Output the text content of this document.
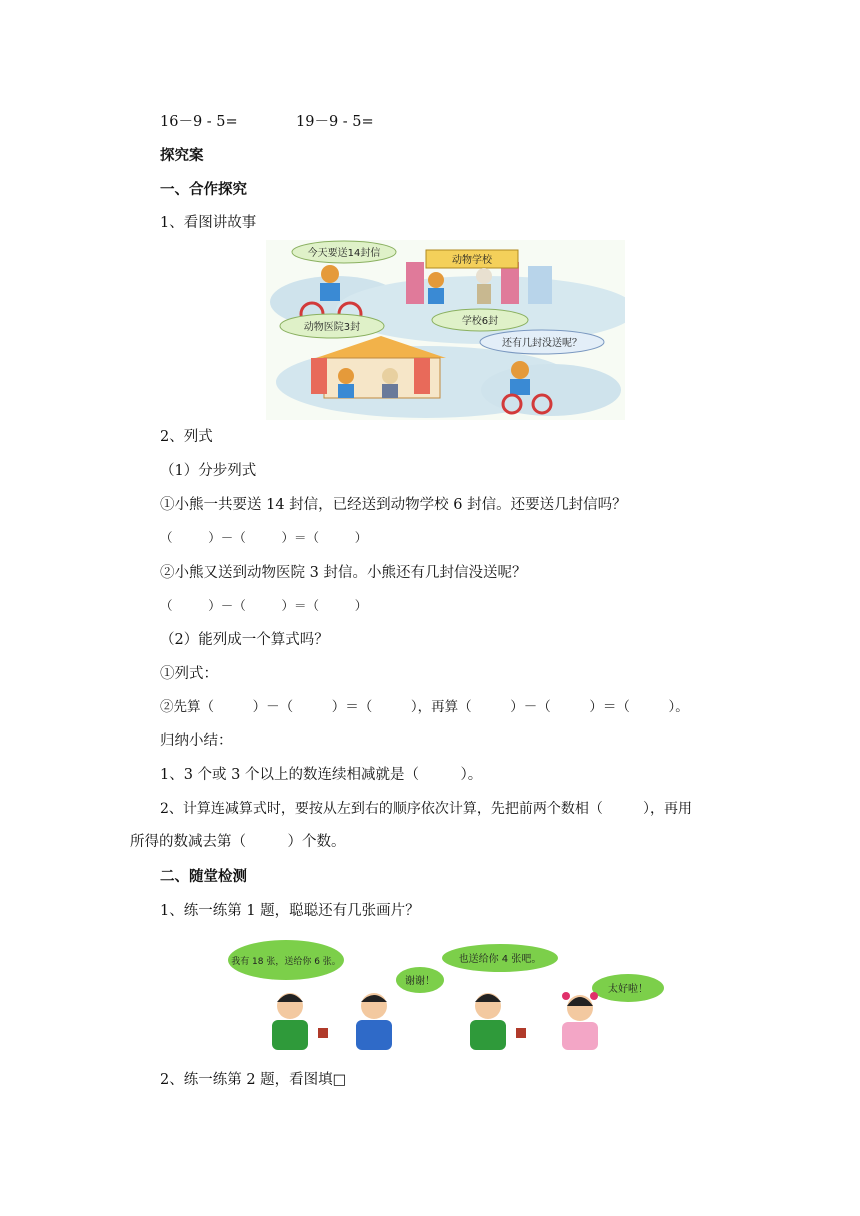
16－9 - 5=	19－9 - 5=
探究案
一、合作探究
1、看图讲故事
今天要送14封信
动物学校
动物医院3封
学校6封
还有几封没送呢？
2、列式
（1）分步列式
①小熊一共要送 14 封信，已经送到动物学校 6 封信。还要送几封信吗？
（         ）－（         ）＝（         ）
②小熊又送到动物医院 3 封信。小熊还有几封信没送呢？
（         ）－（         ）＝（         ）
（2）能列成一个算式吗？
①列式：
②先算（         ）－（         ）＝（         ），再算（         ）－（         ）＝（         ）。
归纳小结：
1、3 个或 3 个以上的数连续相减就是（         ）。
2、计算连减算式时，要按从左到右的顺序依次计算，先把前两个数相（         ），再用
所得的数减去第（         ）个数。
二、随堂检测
1、练一练第 1 题，聪聪还有几张画片？
我有 18 张，送给你 6 张。
谢谢！
也送给你 4 张吧。
太好啦！
2、练一练第 2 题，看图填□
